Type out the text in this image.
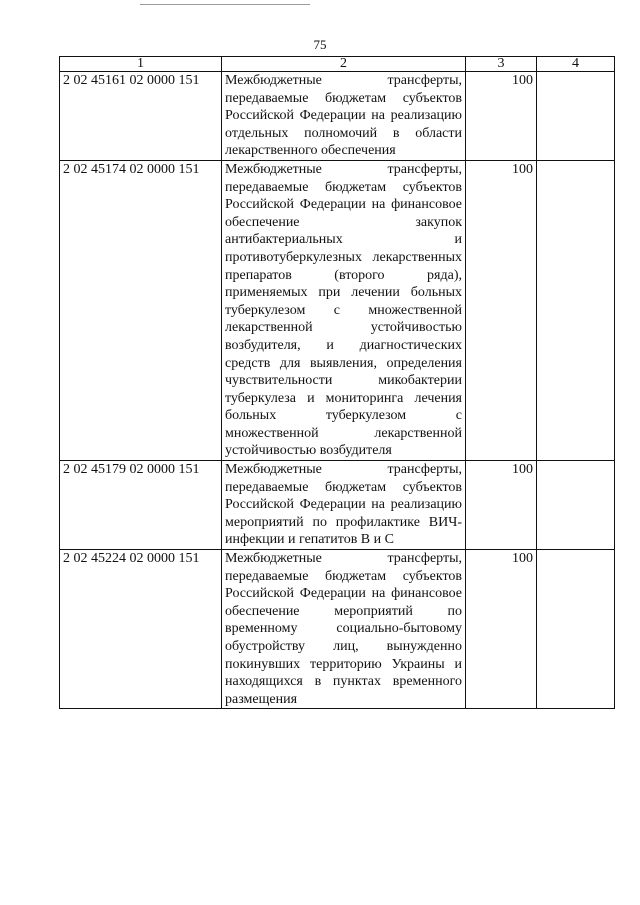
75
1	2	3	4
2 02 45161 02 0000 151	Межбюджетные трансферты, передаваемые бюджетам субъектов Российской Федерации на реализацию отдельных полномочий в области лекарственного обеспечения	100	
2 02 45174 02 0000 151	Межбюджетные трансферты, передаваемые бюджетам субъектов Российской Федерации на финансовое обеспечение закупок антибактериальных и противотуберкулезных лекарственных препаратов (второго ряда), применяемых при лечении больных туберкулезом с множественной лекарственной устойчивостью возбудителя, и диагностических средств для выявления, определения чувствительности микобактерии туберкулеза и мониторинга лечения больных туберкулезом с множественной лекарственной устойчивостью возбудителя	100	
2 02 45179 02 0000 151	Межбюджетные трансферты, передаваемые бюджетам субъектов Российской Федерации на реализацию мероприятий по профилактике ВИЧ-инфекции и гепатитов В и С	100	
2 02 45224 02 0000 151	Межбюджетные трансферты, передаваемые бюджетам субъектов Российской Федерации на финансовое обеспечение мероприятий по временному социально-бытовому обустройству лиц, вынужденно покинувших территорию Украины и находящихся в пунктах временного размещения	100	
